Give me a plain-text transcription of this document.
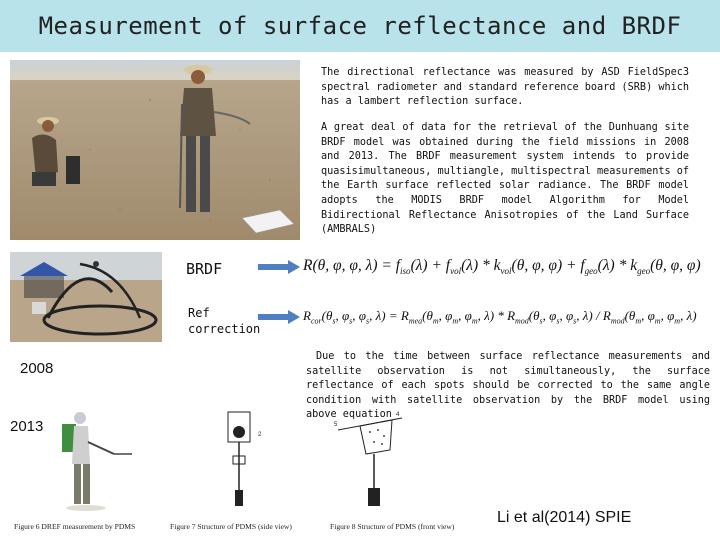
Measurement of surface reflectance and BRDF
The directional reflectance was measured by ASD FieldSpec3 spectral radiometer and standard reference board (SRB) which has a lambert reflection surface.
A great deal of data for the retrieval of the Dunhuang site BRDF model was obtained during the field missions in 2008 and 2013. The BRDF measurement system intends to provide quasisimultaneous, multiangle, multispectral measurements of the Earth surface reflected solar radiance. The BRDF model adopts the MODIS BRDF model Algorithm for Model Bidirectional Reflectance Anisotropies of the Land Surface (AMBRALS)
BRDF	R(θ, φ, φ, $\lambda) = f_{iso}(\lambda) + f_{vol}(\lambda) * k_{vol}(\theta$, φ, $\varphi) + f_{geo}(\lambda) * k_{geo}(\theta$, φ, φ)
Ref
correction
$R_{cor}(\theta_s$, $\varphi_s$, $\varphi_s$, $\lambda) = R_{mea}(\theta_m$, $\varphi_m$, $\varphi_m$, $\lambda) * R_{mod}(\theta_s$, $\varphi_s$, $\varphi_s$, $\lambda) / R_{mod}(\theta_m$, $\varphi_m$, $\varphi_m$, λ)
2008
2013
Due to the time between surface reflectance measurements and satellite observation is not simultaneously, the surface reflectance of each spots should be corrected to the same angle condition with satellite observation by the BRDF model using above equation
2
5
4
Figure 6 DREF measurement by PDMS	Figure 7 Structure of PDMS (side view)	Figure 8 Structure of PDMS (front view)
Li et al(2014) SPIE
